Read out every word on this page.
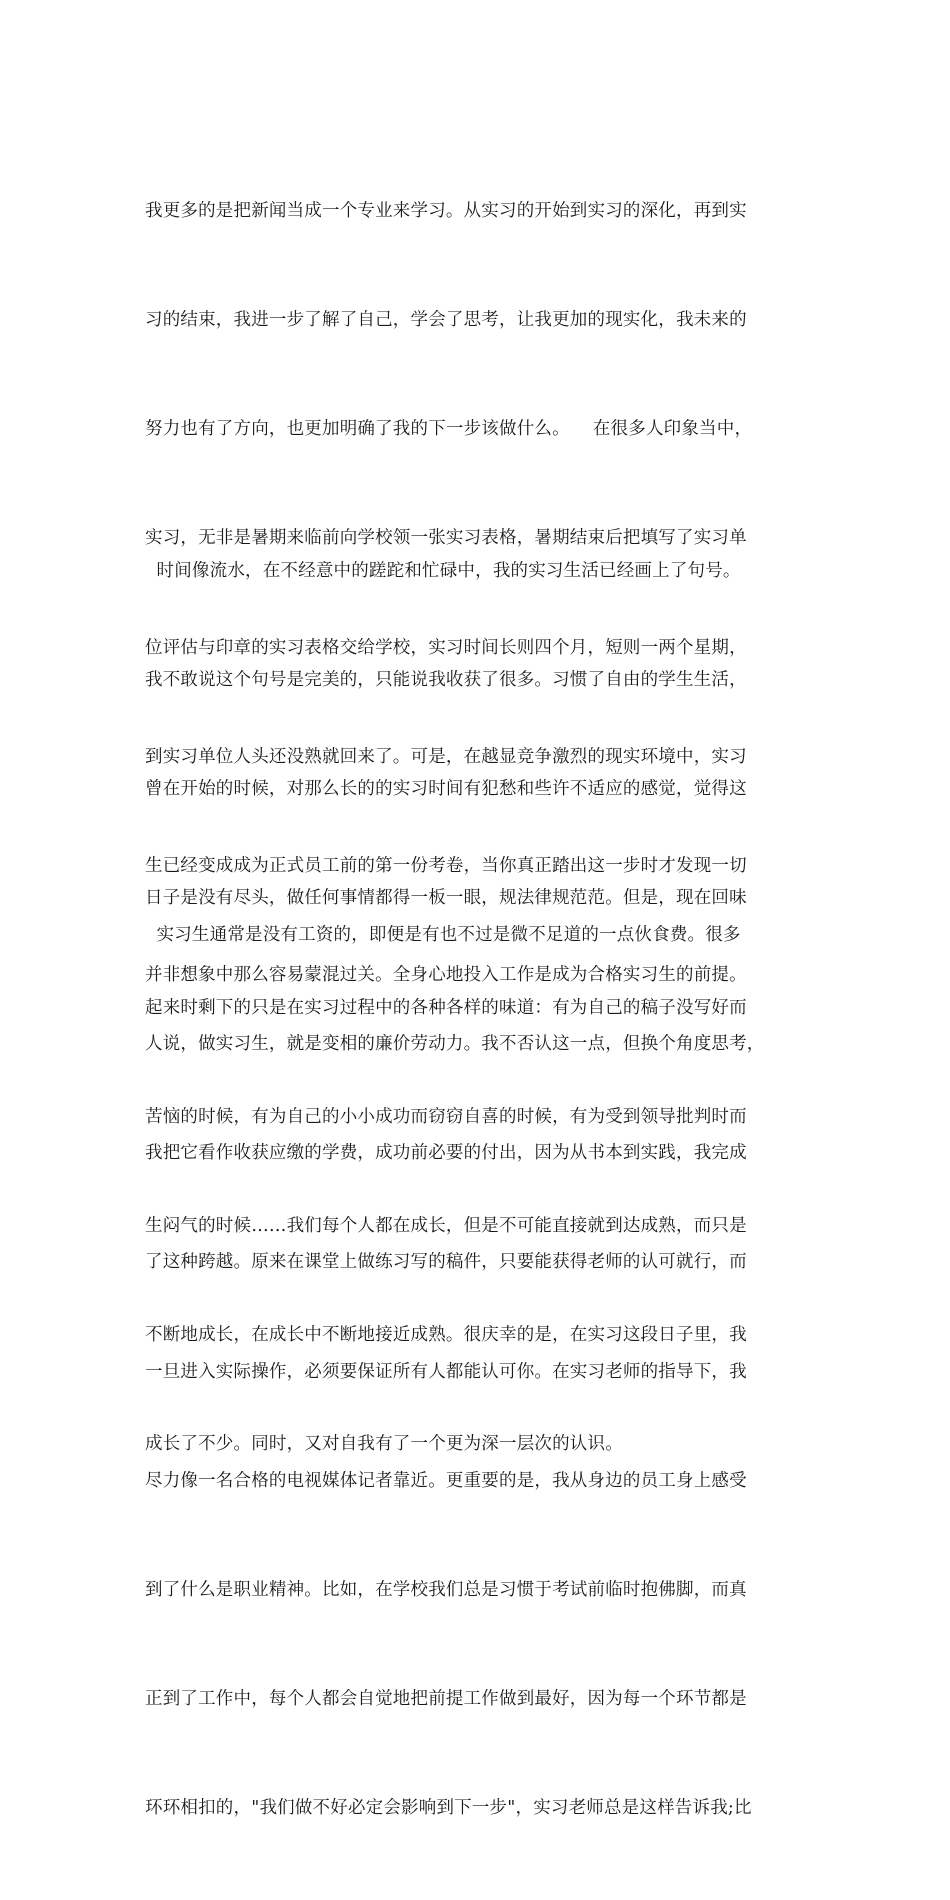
我更多的是把新闻当成一个专业来学习。从实习的开始到实习的深化，再到实

习的结束，我进一步了解了自己，学会了思考，让我更加的现实化，我未来的

努力也有了方向，也更加明确了我的下一步该做什么。    在很多人印象当中，

实习，无非是暑期来临前向学校领一张实习表格，暑期结束后把填写了实习单

位评估与印章的实习表格交给学校，实习时间长则四个月，短则一两个星期，

到实习单位人头还没熟就回来了。可是，在越显竞争激烈的现实环境中，实习

生已经变成成为正式员工前的第一份考卷，当你真正踏出这一步时才发现一切

并非想象中那么容易蒙混过关。全身心地投入工作是成为合格实习生的前提。

时间像流水，在不经意中的蹉跎和忙碌中，我的实习生活已经画上了句号。

我不敢说这个句号是完美的，只能说我收获了很多。习惯了自由的学生生活，

曾在开始的时候，对那么长的的实习时间有犯愁和些许不适应的感觉，觉得这

日子是没有尽头，做任何事情都得一板一眼，规法律规范范。但是，现在回味

起来时剩下的只是在实习过程中的各种各样的味道：有为自己的稿子没写好而

苦恼的时候，有为自己的小小成功而窃窃自喜的时候，有为受到领导批判时而

生闷气的时候……我们每个人都在成长，但是不可能直接就到达成熟，而只是

不断地成长，在成长中不断地接近成熟。很庆幸的是，在实习这段日子里，我

成长了不少。同时，又对自我有了一个更为深一层次的认识。

实习生通常是没有工资的，即便是有也不过是微不足道的一点伙食费。很多

人说，做实习生，就是变相的廉价劳动力。我不否认这一点，但换个角度思考，

我把它看作收获应缴的学费，成功前必要的付出，因为从书本到实践，我完成

了这种跨越。原来在课堂上做练习写的稿件，只要能获得老师的认可就行，而

一旦进入实际操作，必须要保证所有人都能认可你。在实习老师的指导下，我

尽力像一名合格的电视媒体记者靠近。更重要的是，我从身边的员工身上感受

到了什么是职业精神。比如，在学校我们总是习惯于考试前临时抱佛脚，而真

正到了工作中，每个人都会自觉地把前提工作做到最好，因为每一个环节都是

环环相扣的，"我们做不好必定会影响到下一步"，实习老师总是这样告诉我;比
